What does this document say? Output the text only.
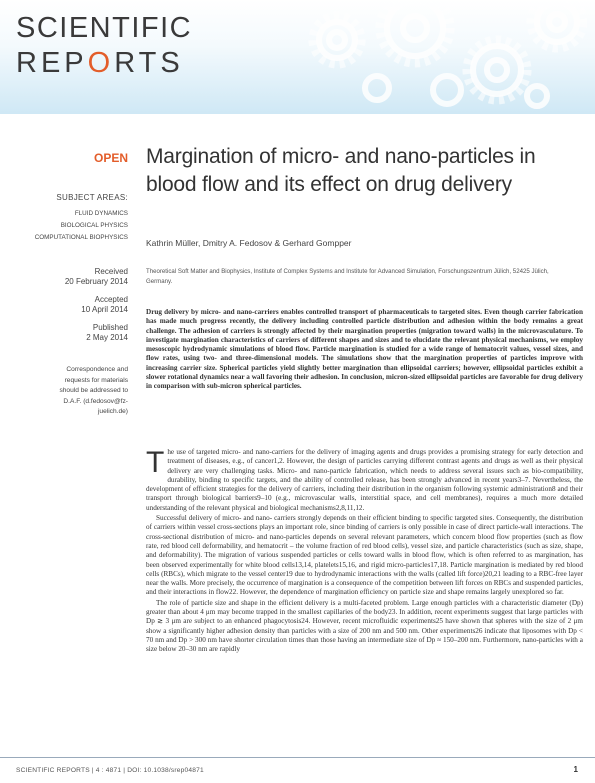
SCIENTIFIC
REPORTS
OPEN
SUBJECT AREAS:
FLUID DYNAMICS
BIOLOGICAL PHYSICS
COMPUTATIONAL BIOPHYSICS
Received
20 February 2014
Accepted
10 April 2014
Published
2 May 2014
Correspondence and
requests for materials
should be addressed to
D.A.F. (d.fedosov@fz-
juelich.de)
Margination of micro- and nano-particles in blood flow and its effect on drug delivery
Kathrin Müller, Dmitry A. Fedosov & Gerhard Gompper
Theoretical Soft Matter and Biophysics, Institute of Complex Systems and Institute for Advanced Simulation, Forschungszentrum Jülich, 52425 Jülich, Germany.

Drug delivery by micro- and nano-carriers enables controlled transport of pharmaceuticals to targeted sites. Even though carrier fabrication has made much progress recently, the delivery including controlled particle distribution and adhesion within the body remains a great challenge. The adhesion of carriers is strongly affected by their margination properties (migration toward walls) in the microvasculature. To investigate margination characteristics of carriers of different shapes and sizes and to elucidate the relevant physical mechanisms, we employ mesoscopic hydrodynamic simulations of blood flow. Particle margination is studied for a wide range of hematocrit values, vessel sizes, and flow rates, using two- and three-dimensional models. The simulations show that the margination properties of particles improve with increasing carrier size. Spherical particles yield slightly better margination than ellipsoidal carriers; however, ellipsoidal particles exhibit a slower rotational dynamics near a wall favoring their adhesion. In conclusion, micron-sized ellipsoidal particles are favorable for drug delivery in comparison with sub-micron spherical particles.

The use of targeted micro- and nano-carriers for the delivery of imaging agents and drugs provides a promising strategy for early detection and treatment of diseases, e.g., of cancer1,2. However, the design of particles carrying different contrast agents and drugs as well as their physical delivery are very challenging tasks. Micro- and nano-particle fabrication, which needs to address several issues such as bio-compatibility, durability, binding to specific targets, and the ability of controlled release, has been strongly advanced in recent years3–7. Nevertheless, the development of efficient strategies for the delivery of carriers, including their distribution in the organism following systemic administration8 and their transport through biological barriers9–10 (e.g., microvascular walls, interstitial space, and cell membranes), requires a much more detailed understanding of the relevant physical and biological mechanisms2,8,11,12.

Successful delivery of micro- and nano- carriers strongly depends on their efficient binding to specific targeted sites. Consequently, the distribution of carriers within vessel cross-sections plays an important role, since binding of carriers is only possible in case of direct particle-wall interactions. The cross-sectional distribution of micro- and nano-particles depends on several relevant parameters, which concern blood flow properties (such as flow rate, red blood cell deformability, and hematocrit – the volume fraction of red blood cells), vessel size, and particle characteristics (such as size, shape, and deformability). The migration of various suspended particles or cells toward walls in blood flow, which is often referred to as margination, has been observed experimentally for white blood cells13,14, platelets15,16, and rigid micro-particles17,18. Particle margination is mediated by red blood cells (RBCs), which migrate to the vessel center19 due to hydrodynamic interactions with the walls (called lift force)20,21 leading to a RBC-free layer near the walls. More precisely, the occurrence of margination is a consequence of the competition between lift forces on RBCs and suspended particles, and their interactions in flow22. However, the dependence of margination efficiency on particle size and shape remains largely unexplored so far.

The role of particle size and shape in the efficient delivery is a multi-faceted problem. Large enough particles with a characteristic diameter (Dp) greater than about 4 μm may become trapped in the smallest capillaries of the body23. In addition, recent experiments suggest that large particles with Dp ≳ 3 μm are subject to an enhanced phagocytosis24. However, recent microfluidic experiments25 have shown that spheres with the size of 2 μm show a significantly higher adhesion density than particles with a size of 200 nm and 500 nm. Other experiments26 indicate that liposomes with Dp < 70 nm and Dp > 300 nm have shorter circulation times than those having an intermediate size of Dp ≈ 150–200 nm. Furthermore, nano-particles with a size below 20–30 nm are rapidly

SCIENTIFIC REPORTS | 4 : 4871 | DOI: 10.1038/srep04871	1
